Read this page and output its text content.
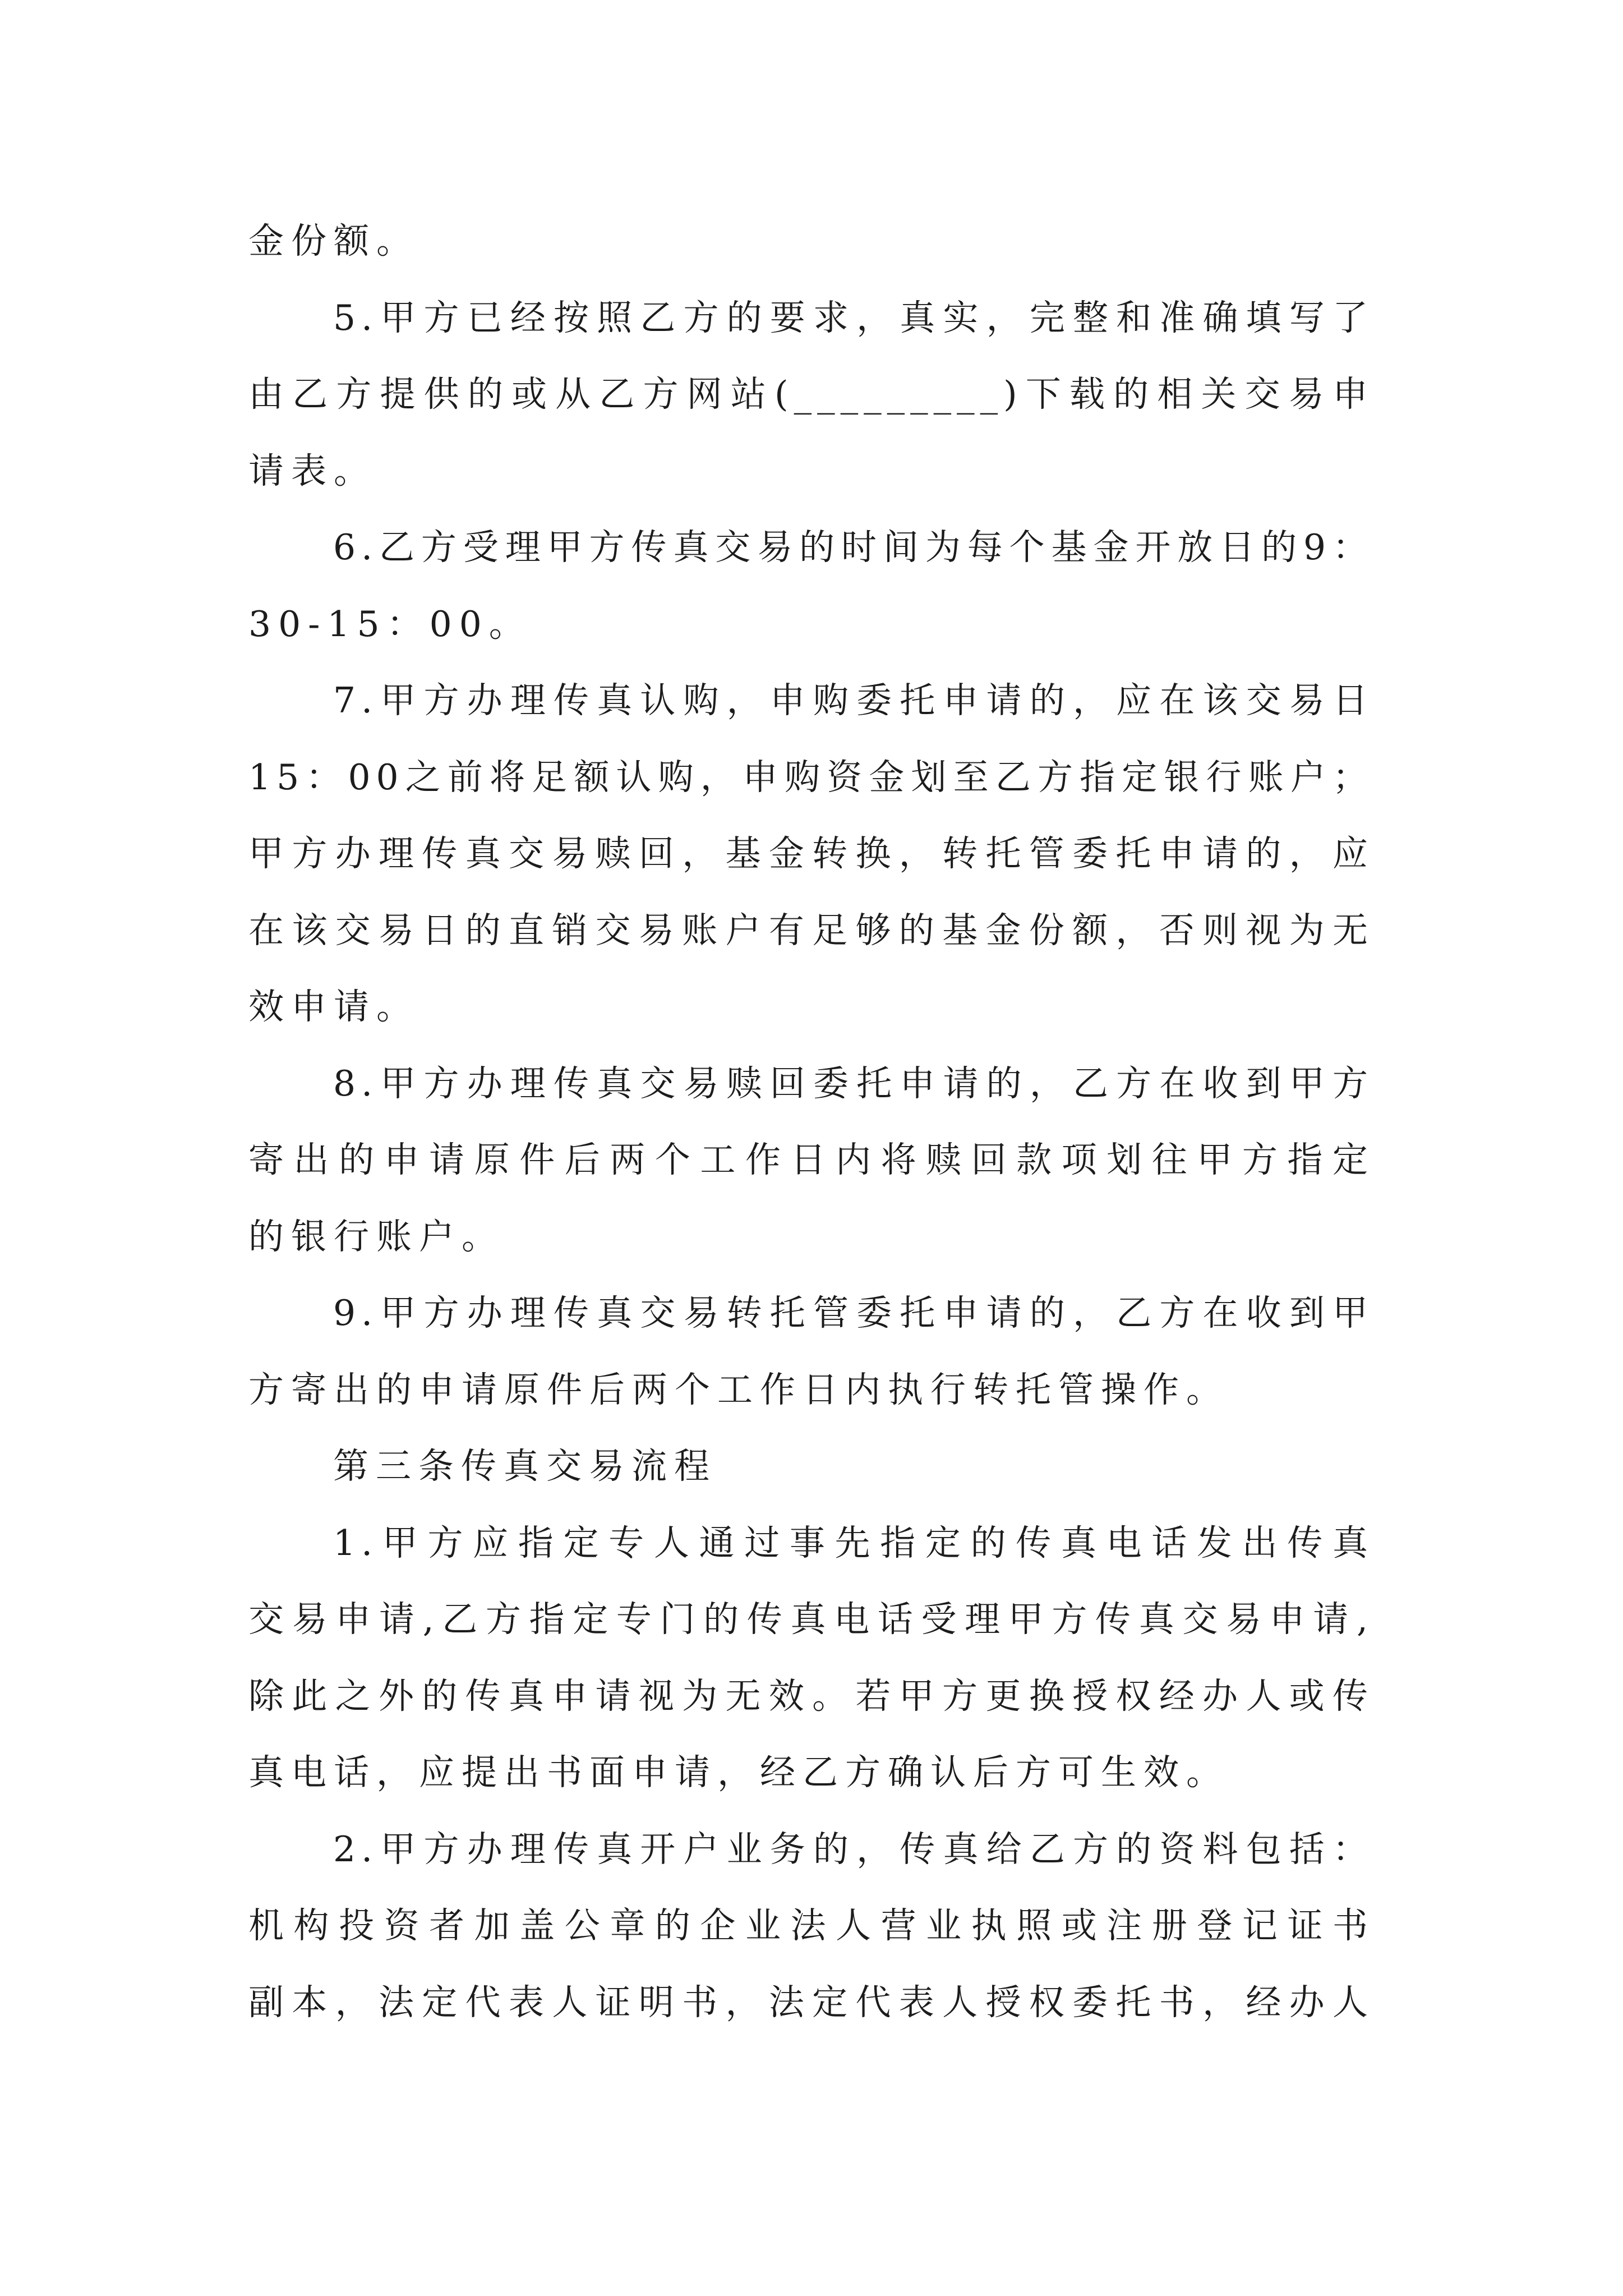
金份额。
5.甲方已经按照乙方的要求，真实，完整和准确填写了
由乙方提供的或从乙方网站(_________)下载的相关交易申
请表。
6.乙方受理甲方传真交易的时间为每个基金开放日的9：
30-15：00。
7.甲方办理传真认购，申购委托申请的，应在该交易日
15：00之前将足额认购，申购资金划至乙方指定银行账户；
甲方办理传真交易赎回，基金转换，转托管委托申请的，应
在该交易日的直销交易账户有足够的基金份额，否则视为无
效申请。
8.甲方办理传真交易赎回委托申请的，乙方在收到甲方
寄出的申请原件后两个工作日内将赎回款项划往甲方指定
的银行账户。
9.甲方办理传真交易转托管委托申请的，乙方在收到甲
方寄出的申请原件后两个工作日内执行转托管操作。
第三条传真交易流程
1.甲方应指定专人通过事先指定的传真电话发出传真
交易申请,乙方指定专门的传真电话受理甲方传真交易申请,
除此之外的传真申请视为无效。若甲方更换授权经办人或传
真电话，应提出书面申请，经乙方确认后方可生效。
2.甲方办理传真开户业务的，传真给乙方的资料包括：
机构投资者加盖公章的企业法人营业执照或注册登记证书
副本，法定代表人证明书，法定代表人授权委托书，经办人
